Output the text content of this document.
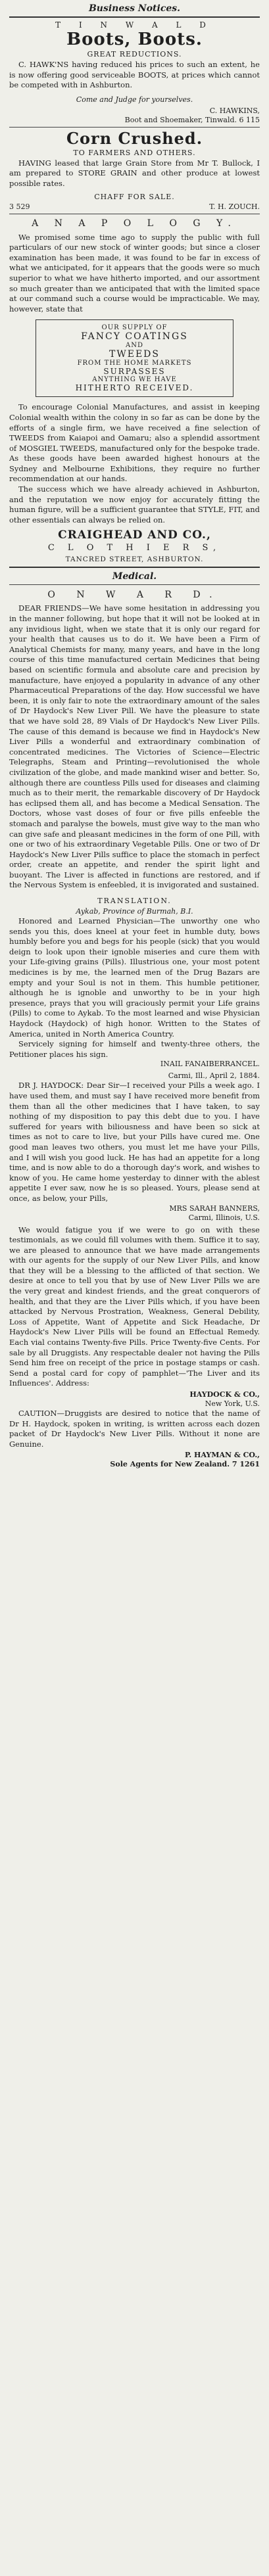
Business Notices.
T I N W A L D
Boots, Boots.
GREAT REDUCTIONS.

C. HAWK'NS having reduced his prices to such an extent, he is now offering good serviceable BOOTS, at prices which cannot be competed with in Ashburton.

Come and Judge for yourselves.
C. HAWKINS,
Boot and Shoemaker, Tinwald. 6 115
Corn Crushed.
TO FARMERS AND OTHERS.

HAVING leased that large Grain Store from Mr T. Bullock, I am prepared to STORE GRAIN and other produce at lowest possible rates.

CHAFF FOR SALE.
3 529	T. H. ZOUCH.
A N A P O L O G Y.

We promised some time ago to supply the public with full particulars of our new stock of winter goods; but since a closer examination has been made, it was found to be far in excess of what we anticipated, for it appears that the goods were so much superior to what we have hitherto imported, and our assortment so much greater than we anticipated that with the limited space at our command such a course would be impracticable. We may, however, state that

OUR SUPPLY OF
FANCY COATINGS
AND
TWEEDS
FROM THE HOME MARKETS
SURPASSES
ANYTHING WE HAVE
HITHERTO RECEIVED.

To encourage Colonial Manufactures, and assist in keeping Colonial wealth within the colony in so far as can be done by the efforts of a single firm, we have received a fine selection of TWEEDS from Kaiapoi and Oamaru; also a splendid assortment of MOSGIEL TWEEDS, manufactured only for the bespoke trade. As these goods have been awarded highest honours at the Sydney and Melbourne Exhibitions, they require no further recommendation at our hands.

The success which we have already achieved in Ashburton, and the reputation we now enjoy for accurately fitting the human figure, will be a sufficient guarantee that STYLE, FIT, and other essentials can always be relied on.

CRAIGHEAD AND CO.,
C L O T H I E R S,
TANCRED STREET, ASHBURTON.
Medical.
O N W A R D.

DEAR FRIENDS—We have some hesitation in addressing you in the manner following, but hope that it will not be looked at in any invidious light, when we state that it is only our regard for your health that causes us to do it. We have been a Firm of Analytical Chemists for many, many years, and have in the long course of this time manufactured certain Medicines that being based on scientific formula and absolute care and precision by manufacture, have enjoyed a popularity in advance of any other Pharmaceutical Preparations of the day. How successful we have been, it is only fair to note the extraordinary amount of the sales of Dr Haydock's New Liver Pill. We have the pleasure to state that we have sold 28, 89 Vials of Dr Haydock's New Liver Pills. The cause of this demand is because we find in Haydock's New Liver Pills a wonderful and extraordinary combination of concentrated medicines. The Victories of Science—Electric Telegraphs, Steam and Printing—revolutionised the whole civilization of the globe, and made mankind wiser and better. So, although there are countless Pills used for diseases and claiming much as to their merit, the remarkable discovery of Dr Haydock has eclipsed them all, and has become a Medical Sensation. The Doctors, whose vast doses of four or five pills enfeeble the stomach and paralyse the bowels, must give way to the man who can give safe and pleasant medicines in the form of one Pill, with one or two of his extraordinary Vegetable Pills. One or two of Dr Haydock's New Liver Pills suffice to place the stomach in perfect order, create an appetite, and render the spirit light and buoyant. The Liver is affected in functions are restored, and if the Nervous System is enfeebled, it is invigorated and sustained.

TRANSLATION.
Aykab, Province of Burmah, B.I.

Honored and Learned Physician—The unworthy one who sends you this, does kneel at your feet in humble duty, bows humbly before you and begs for his people (sick) that you would deign to look upon their ignoble miseries and cure them with your Life-giving grains (Pills). Illustrious one, your most potent medicines is by me, the learned men of the Drug Bazars are empty and your Soul is not in them. This humble petitioner, although he is ignoble and unworthy to be in your high presence, prays that you will graciously permit your Life grains (Pills) to come to Aykab. To the most learned and wise Physician Haydock (Haydock) of high honor. Written to the States of America, united in North America Country.

Servicely signing for himself and twenty-three others, the Petitioner places his sign.

INAIL FANAIBERRANCEL.
Carmi, Ill., April 2, 1884.

DR J. HAYDOCK: Dear Sir—I received your Pills a week ago. I have used them, and must say I have received more benefit from them than all the other medicines that I have taken, to say nothing of my disposition to pay this debt due to you. I have suffered for years with biliousness and have been so sick at times as not to care to live, but your Pills have cured me. One good man leaves two others, you must let me have your Pills, and I will wish you good luck. He has had an appetite for a long time, and is now able to do a thorough day's work, and wishes to know of you. He came home yesterday to dinner with the ablest appetite I ever saw, now he is so pleased. Yours, please send at once, as below, your Pills,

MRS SARAH BANNERS,
Carmi, Illinois, U.S.

We would fatigue you if we were to go on with these testimonials, as we could fill volumes with them. Suffice it to say, we are pleased to announce that we have made arrangements with our agents for the supply of our New Liver Pills, and know that they will be a blessing to the afflicted of that section. We desire at once to tell you that by use of New Liver Pills we are the very great and kindest friends, and the great conquerors of health, and that they are the Liver Pills which, if you have been attacked by Nervous Prostration, Weakness, General Debility, Loss of Appetite, Want of Appetite and Sick Headache, Dr Haydock's New Liver Pills will be found an Effectual Remedy. Each vial contains Twenty-five Pills. Price Twenty-five Cents. For sale by all Druggists. Any respectable dealer not having the Pills Send him free on receipt of the price in postage stamps or cash. Send a postal card for copy of pamphlet—'The Liver and its Influences'. Address:

HAYDOCK & CO.,
New York, U.S.

CAUTION—Druggists are desired to notice that the name of Dr H. Haydock, spoken in writing, is written across each dozen packet of Dr Haydock's New Liver Pills. Without it none are Genuine.

P. HAYMAN & CO.,
Sole Agents for New Zealand. 7 1261
